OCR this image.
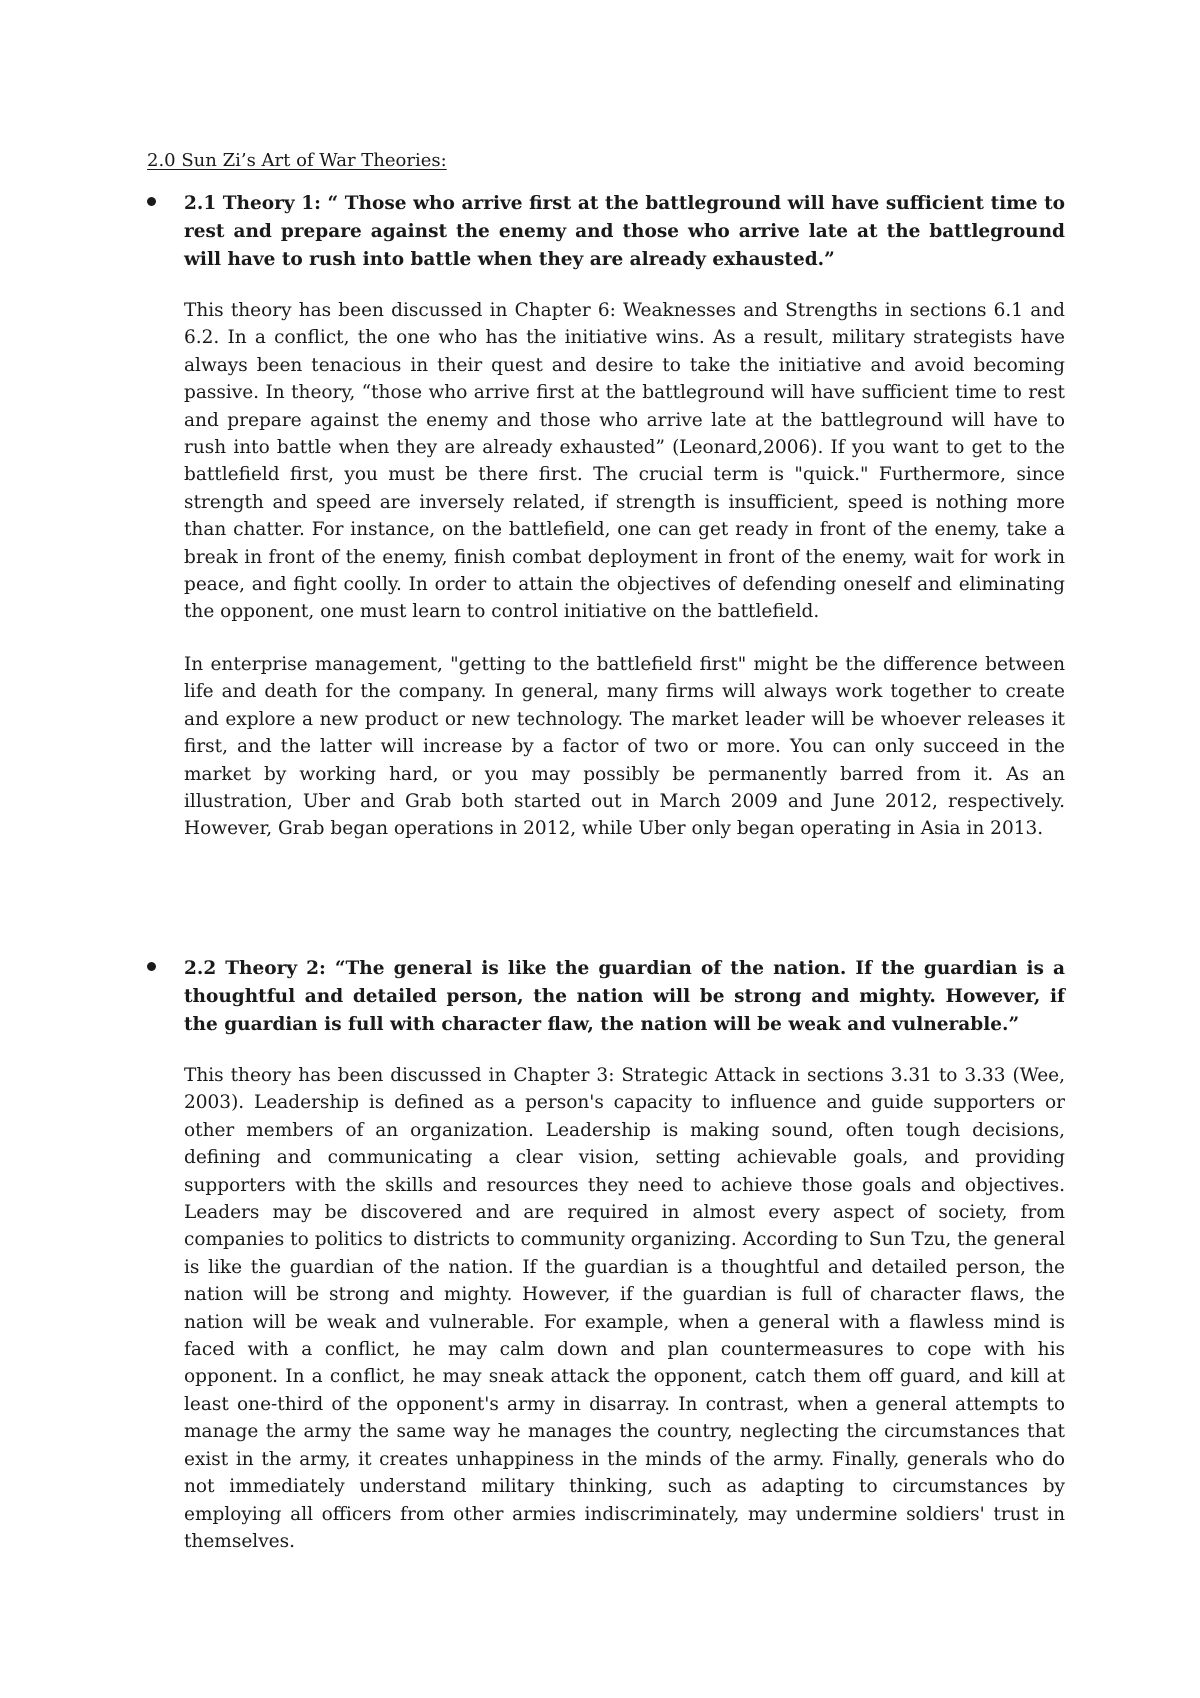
2.0 Sun Zi’s Art of War Theories:

2.1 Theory 1: “ Those who arrive first at the battleground will have sufficient time to rest and prepare against the enemy and those who arrive late at the battleground will have to rush into battle when they are already exhausted.”

This theory has been discussed in Chapter 6: Weaknesses and Strengths in sections 6.1 and 6.2. In a conflict, the one who has the initiative wins. As a result, military strategists have always been tenacious in their quest and desire to take the initiative and avoid becoming passive. In theory, “those who arrive first at the battleground will have sufficient time to rest and prepare against the enemy and those who arrive late at the battleground will have to rush into battle when they are already exhausted” (Leonard,2006). If you want to get to the battlefield first, you must be there first. The crucial term is "quick." Furthermore, since strength and speed are inversely related, if strength is insufficient, speed is nothing more than chatter. For instance, on the battlefield, one can get ready in front of the enemy, take a break in front of the enemy, finish combat deployment in front of the enemy, wait for work in peace, and fight coolly. In order to attain the objectives of defending oneself and eliminating the opponent, one must learn to control initiative on the battlefield.

In enterprise management, "getting to the battlefield first" might be the difference between life and death for the company. In general, many firms will always work together to create and explore a new product or new technology. The market leader will be whoever releases it first, and the latter will increase by a factor of two or more. You can only succeed in the market by working hard, or you may possibly be permanently barred from it. As an illustration, Uber and Grab both started out in March 2009 and June 2012, respectively. However, Grab began operations in 2012, while Uber only began operating in Asia in 2013.

2.2 Theory 2: “The general is like the guardian of the nation. If the guardian is a thoughtful and detailed person, the nation will be strong and mighty. However, if the guardian is full with character flaw, the nation will be weak and vulnerable.”

This theory has been discussed in Chapter 3: Strategic Attack in sections 3.31 to 3.33 (Wee, 2003). Leadership is defined as a person's capacity to influence and guide supporters or other members of an organization. Leadership is making sound, often tough decisions, defining and communicating a clear vision, setting achievable goals, and providing supporters with the skills and resources they need to achieve those goals and objectives. Leaders may be discovered and are required in almost every aspect of society, from companies to politics to districts to community organizing. According to Sun Tzu, the general is like the guardian of the nation. If the guardian is a thoughtful and detailed person, the nation will be strong and mighty. However, if the guardian is full of character flaws, the nation will be weak and vulnerable. For example, when a general with a flawless mind is faced with a conflict, he may calm down and plan countermeasures to cope with his opponent. In a conflict, he may sneak attack the opponent, catch them off guard, and kill at least one-third of the opponent's army in disarray. In contrast, when a general attempts to manage the army the same way he manages the country, neglecting the circumstances that exist in the army, it creates unhappiness in the minds of the army. Finally, generals who do not immediately understand military thinking, such as adapting to circumstances by employing all officers from other armies indiscriminately, may undermine soldiers' trust in themselves.
